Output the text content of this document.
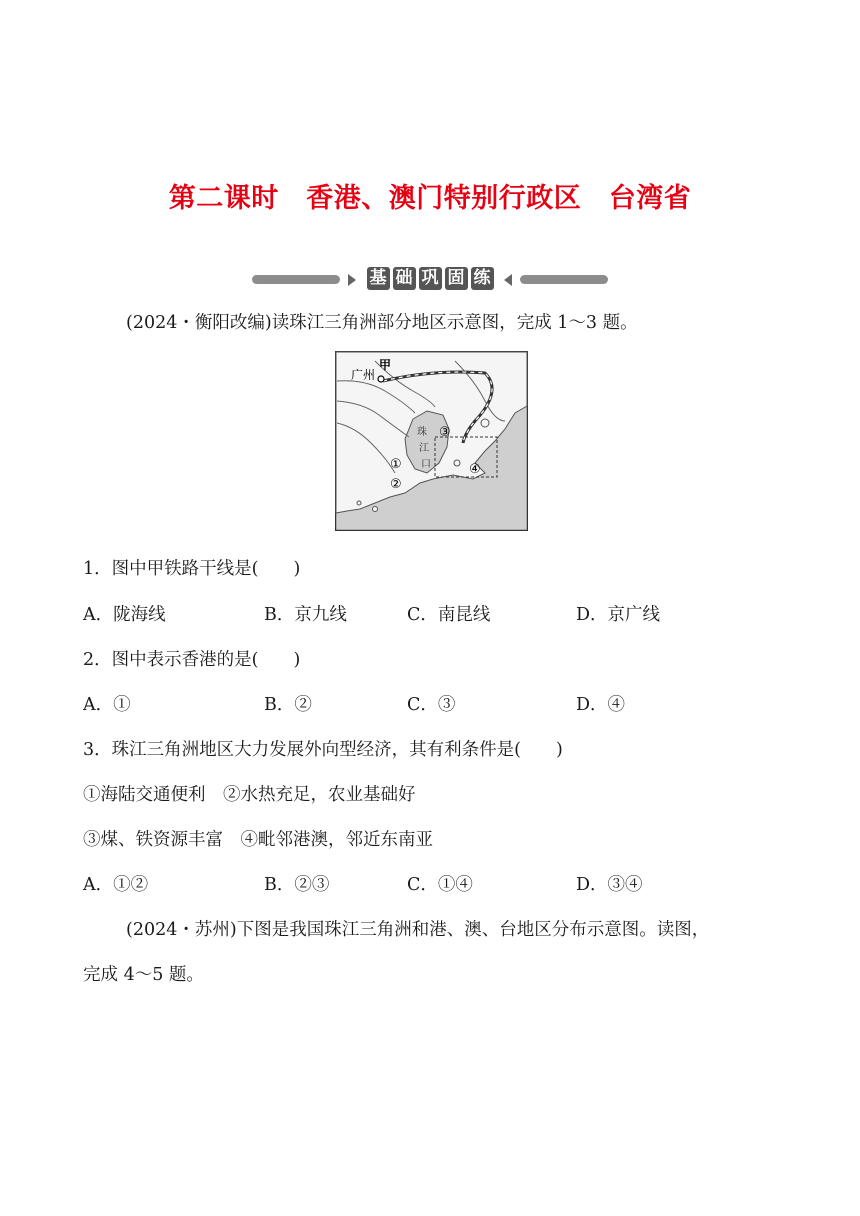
第二课时　香港、澳门特别行政区　台湾省
基 础 巩 固 练
(2024・衡阳改编)读珠江三角洲部分地区示意图，完成 1～3 题。
广州
甲
珠
江
口
①
②
③
④
1．图中甲铁路干线是(　　)
A．陇海线	B．京九线	C．南昆线	D．京广线
2．图中表示香港的是(　　)
A．①	B．②	C．③	D．④
3．珠江三角洲地区大力发展外向型经济，其有利条件是(　　)
①海陆交通便利　②水热充足，农业基础好
③煤、铁资源丰富　④毗邻港澳，邻近东南亚
A．①②	B．②③	C．①④	D．③④
(2024・苏州)下图是我国珠江三角洲和港、澳、台地区分布示意图。读图，
完成 4～5 题。
